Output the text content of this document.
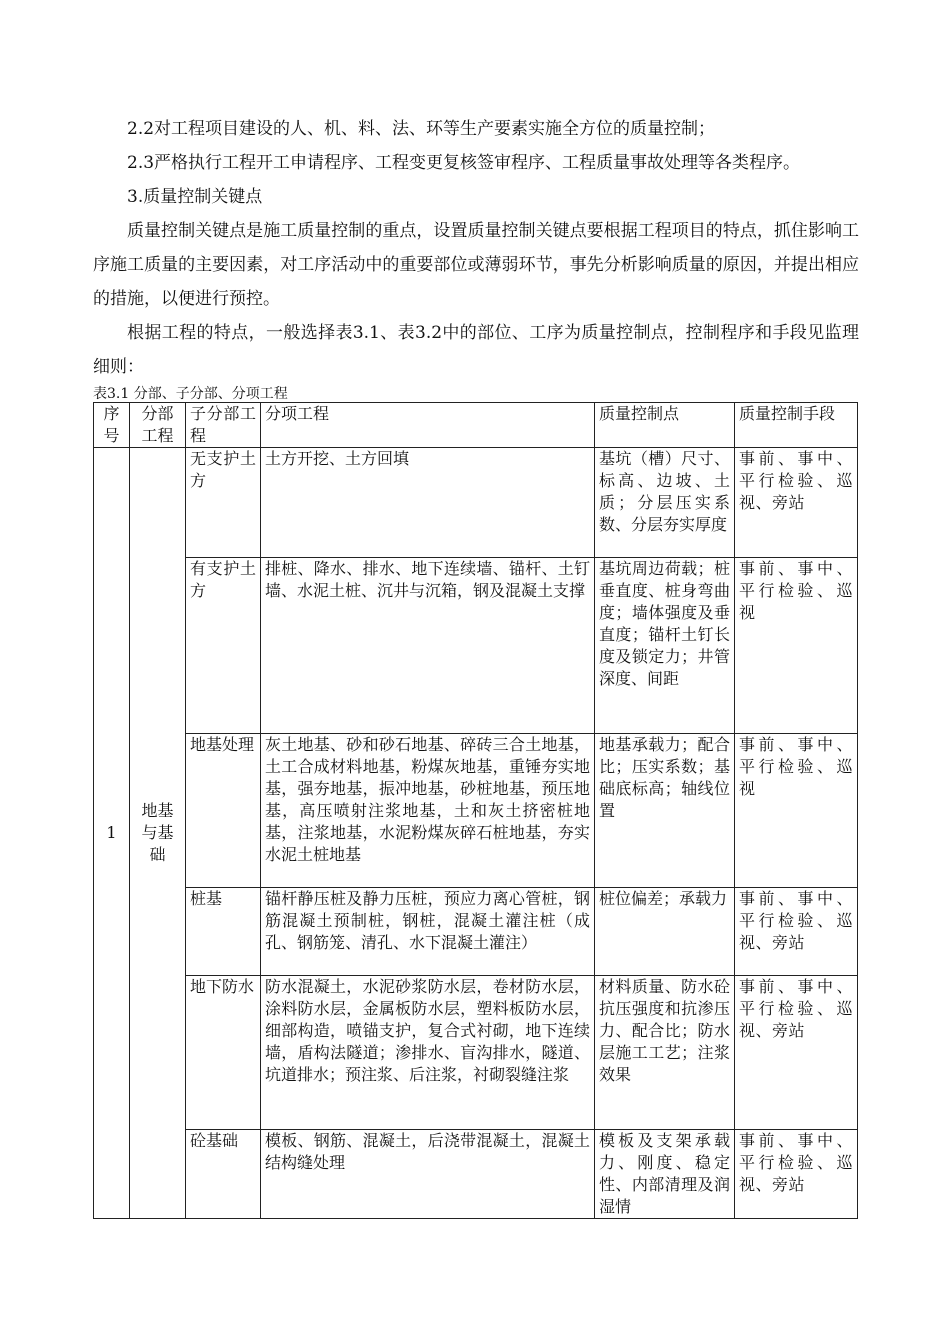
2.2对工程项目建设的人、机、料、法、环等生产要素实施全方位的质量控制；

2.3严格执行工程开工申请程序、工程变更复核签审程序、工程质量事故处理等各类程序。

3.质量控制关键点

质量控制关键点是施工质量控制的重点，设置质量控制关键点要根据工程项目的特点，抓住影响工序施工质量的主要因素，对工序活动中的重要部位或薄弱环节，事先分析影响质量的原因，并提出相应的措施，以便进行预控。

根据工程的特点，一般选择表3.1、表3.2中的部位、工序为质量控制点，控制程序和手段见监理细则：

表3.1 分部、子分部、分项工程

序号	分部工程	子分部工程	分项工程	质量控制点	质量控制手段
1	地基与基础	无支护土方	土方开挖、土方回填	基坑（槽）尺寸、标高、边坡、土质；分层压实系数、分层夯实厚度	事前、事中、平行检验、巡视、旁站
		有支护土方	排桩、降水、排水、地下连续墙、锚杆、土钉墙、水泥土桩、沉井与沉箱，钢及混凝土支撑	基坑周边荷载；桩垂直度、桩身弯曲度；墙体强度及垂直度；锚杆土钉长度及锁定力；井管深度、间距	事前、事中、平行检验、巡视
		地基处理	灰土地基、砂和砂石地基、碎砖三合土地基，土工合成材料地基，粉煤灰地基，重锤夯实地基，强夯地基，振冲地基，砂桩地基，预压地基，高压喷射注浆地基，土和灰土挤密桩地基，注浆地基，水泥粉煤灰碎石桩地基，夯实水泥土桩地基	地基承载力；配合比；压实系数；基础底标高；轴线位置	事前、事中、平行检验、巡视
		桩基	锚杆静压桩及静力压桩，预应力离心管桩，钢筋混凝土预制桩，钢桩，混凝土灌注桩（成孔、钢筋笼、清孔、水下混凝土灌注）	桩位偏差；承载力	事前、事中、平行检验、巡视、旁站
		地下防水	防水混凝土，水泥砂浆防水层，卷材防水层，涂料防水层，金属板防水层，塑料板防水层，细部构造，喷锚支护，复合式衬砌，地下连续墙，盾构法隧道；渗排水、盲沟排水，隧道、坑道排水；预注浆、后注浆，衬砌裂缝注浆	材料质量、防水砼抗压强度和抗渗压力、配合比；防水层施工工艺；注浆效果	事前、事中、平行检验、巡视、旁站
		砼基础	模板、钢筋、混凝土，后浇带混凝土，混凝土结构缝处理	模板及支架承载力、刚度、稳定性、内部清理及润湿情	事前、事中、平行检验、巡视、旁站
